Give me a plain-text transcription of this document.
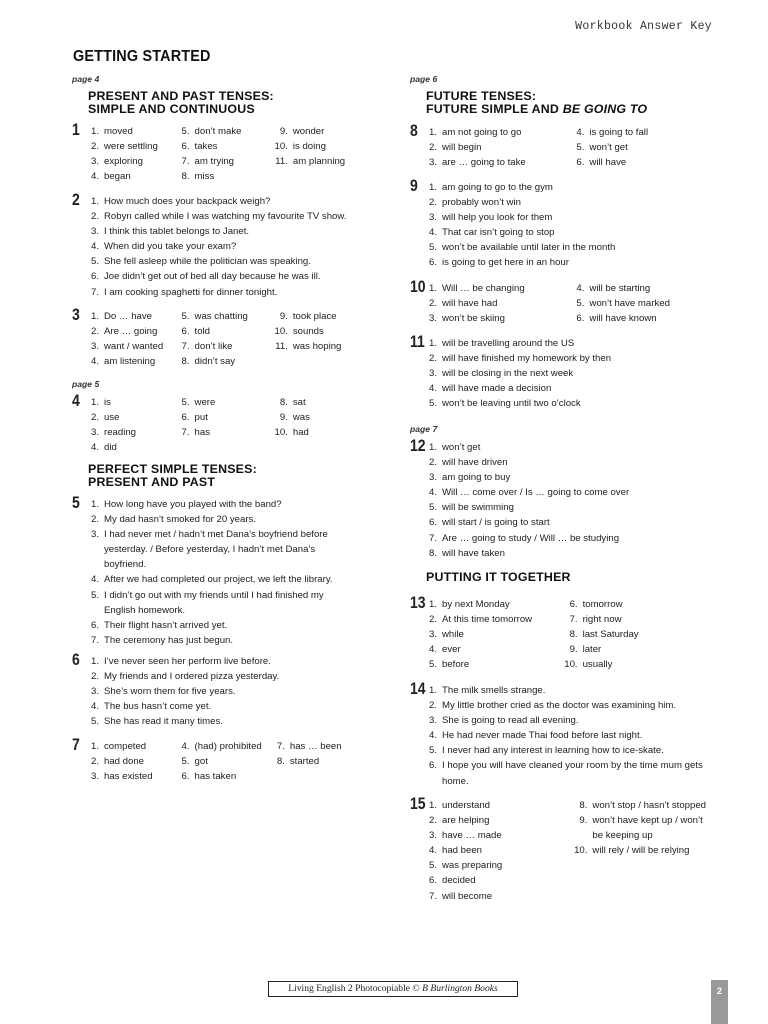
Workbook Answer Key
GETTING STARTED
page 4
PRESENT AND PAST TENSES:
SIMPLE AND CONTINUOUS
1	1. moved
2. were settling
3. exploring
4. began
5. don’t make
6. takes
7. am trying
8. miss
9. wonder
10. is doing
11. am planning
2	1. How much does your backpack weigh?
2. Robyn called while I was watching my favourite TV show.
3. I think this tablet belongs to Janet.
4. When did you take your exam?
5. She fell asleep while the politician was speaking.
6. Joe didn’t get out of bed all day because he was ill.
7. I am cooking spaghetti for dinner tonight.
3	1. Do … have
2. Are … going
3. want / wanted
4. am listening
5. was chatting
6. told
7. don’t like
8. didn’t say
9. took place
10. sounds
11. was hoping
page 5
4	1. is
2. use
3. reading
4. did
5. were
6. put
7. has
8. sat
9. was
10. had
PERFECT SIMPLE TENSES:
PRESENT AND PAST
5	1. How long have you played with the band?
2. My dad hasn’t smoked for 20 years.
3. I had never met / hadn’t met Dana’s boyfriend before yesterday. / Before yesterday, I hadn’t met Dana’s boyfriend.
4. After we had completed our project, we left the library.
5. I didn’t go out with my friends until I had finished my English homework.
6. Their flight hasn’t arrived yet.
7. The ceremony has just begun.
6	1. I’ve never seen her perform live before.
2. My friends and I ordered pizza yesterday.
3. She’s worn them for five years.
4. The bus hasn’t come yet.
5. She has read it many times.
7	1. competed
2. had done
3. has existed
4. (had) prohibited
5. got
6. has taken
7. has … been
8. started
page 6
FUTURE TENSES:
FUTURE SIMPLE AND BE GOING TO
8	1. am not going to go
2. will begin
3. are … going to take
4. is going to fall
5. won’t get
6. will have
9	1. am going to go to the gym
2. probably won’t win
3. will help you look for them
4. That car isn’t going to stop
5. won’t be available until later in the month
6. is going to get here in an hour
10 1. Will … be changing
2. will have had
3. won’t be skiing
4. will be starting
5. won’t have marked
6. will have known
11 1. will be travelling around the US
2. will have finished my homework by then
3. will be closing in the next week
4. will have made a decision
5. won’t be leaving until two o’clock
page 7
12 1. won’t get
2. will have driven
3. am going to buy
4. Will … come over / Is … going to come over
5. will be swimming
6. will start / is going to start
7. Are … going to study / Will … be studying
8. will have taken
PUTTING IT TOGETHER
13 1. by next Monday
2. At this time tomorrow
3. while
4. ever
5. before
6. tomorrow
7. right now
8. last Saturday
9. later
10. usually
14 1. The milk smells strange.
2. My little brother cried as the doctor was examining him.
3. She is going to read all evening.
4. He had never made Thai food before last night.
5. I never had any interest in learning how to ice-skate.
6. I hope you will have cleaned your room by the time mum gets home.
15 1. understand
2. are helping
3. have … made
4. had been
5. was preparing
6. decided
7. will become
8. won’t stop / hasn’t stopped
9. won’t have kept up / won’t be keeping up
10. will rely / will be relying
Living English 2 Photocopiable © B Burlington Books	2
